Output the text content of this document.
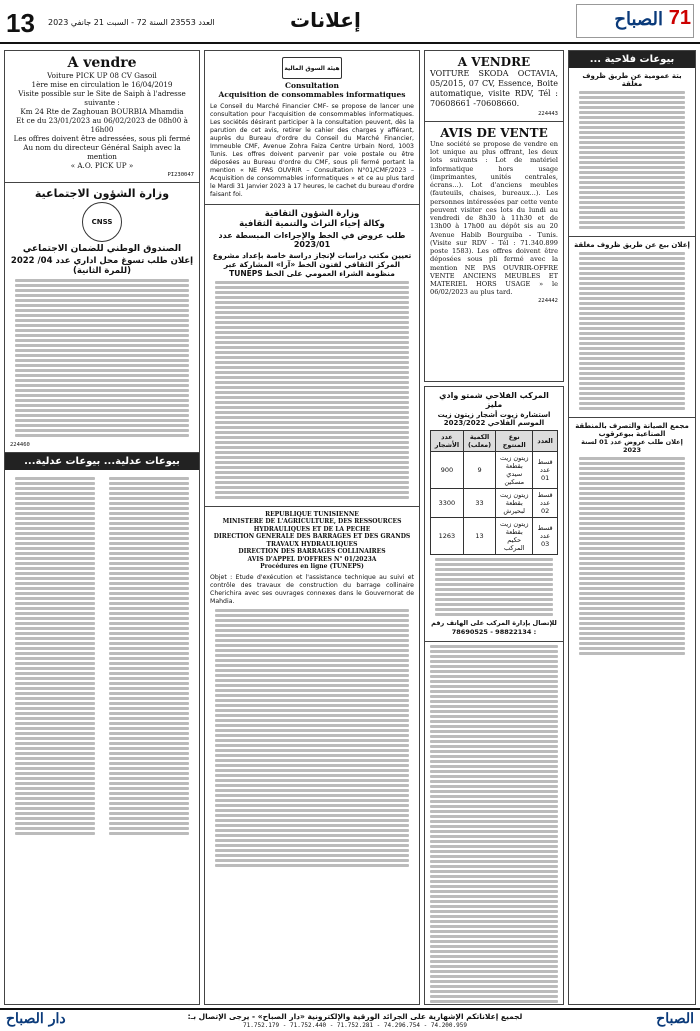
13 العدد 23553 السنة 72 - السبت 21 جانفي 2023	إعلانات	71
الصباح
A vendre
Voiture PICK UP 08 CV Gasoil
1ère mise en circulation le 16/04/2019
Visite possible sur le Site de Saiph à l'adresse suivante :
Km 24 Rte de Zaghouan BOURBIA Mhamdia
Et ce du 23/01/2023 au 06/02/2023 de 08h00 à 16h00
Les offres doivent être adressées, sous pli fermé
Au nom du directeur Général Saiph avec la mention
« A.O. PICK UP »
PI230047
وزارة الشؤون الاجتماعية
CNSS
الصندوق الوطني للضمان الاجتماعي
إعلان طلب تسوغ محل اداري عدد 04/ 2022 (للمرة الثانية)
224460
بيوعات عدلية... بيوعات عدلية...
هيئة السوق المالية
Consultation
Acquisition de consommables informatiques
Le Conseil du Marché Financier CMF- se propose de lancer une consultation pour l'acquisition de consommables informatiques. Les sociétés désirant participer à la consultation peuvent, dès la parution de cet avis, retirer le cahier des charges y afférant, auprès du Bureau d'ordre du Conseil du Marché Financier, Immeuble CMF, Avenue Zohra Faiza Centre Urbain Nord, 1003 Tunis. Les offres doivent parvenir par voie postale ou être déposées au Bureau d'ordre du CMF, sous pli fermé portant la mention « NE PAS OUVRIR – Consultation N°01/CMF/2023 – Acquisition de consommables informatiques » et ce au plus tard le Mardi 31 Janvier 2023 à 17 heures, le cachet du bureau d'ordre faisant foi.
وزارة الشؤون الثقافية
وكالة إحياء التراث والتنمية الثقافية
طلب عروض في الخط والإجراءات المبسطة عدد 2023/01
تعيين مكتب دراسات لإنجاز دراسة خاصة بإعداد مشروع المركز الثقافي لفنون الخط «آرا» المشاركة عبر منظومة الشراء العمومي على الخط TUNEPS
REPUBLIQUE TUNISIENNE
MINISTERE DE L'AGRICULTURE, DES RESSOURCES HYDRAULIQUES ET DE LA PECHE
DIRECTION GENERALE DES BARRAGES ET DES GRANDS TRAVAUX HYDRAULIQUES
DIRECTION DES BARRAGES COLLINAIRES
AVIS D'APPEL D'OFFRES N° 01/2023A
Procédures en ligne (TUNEPS)
Objet : Etude d'exécution et l'assistance technique au suivi et contrôle des travaux de construction du barrage collinaire Cherichira avec ses ouvrages connexes dans le Gouvernorat de Mahdia.
A VENDRE
VOITURE SKODA OCTAVIA, 05/2015, 07 CV, Essence, Boite automatique, visite RDV, Tél : 70608661 -70608660.
224443
AVIS DE VENTE
Une société se propose de vendre en lot unique au plus offrant, les deux lots suivants : Lot de matériel informatique hors usage (imprimantes, unités centrales, écrans...). Lot d'anciens meubles (fauteuils, chaises, bureaux...). Les personnes intéressées par cette vente peuvent visiter ces lots du lundi au vendredi de 8h30 à 11h30 et de 13h00 à 17h00 au dépôt sis au 20 Avenue Habib Bourguiba - Tunis. (Visite sur RDV - Tél : 71.340.899 poste 1583). Les offres doivent être déposées sous pli fermé avec la mention NE PAS OUVRIR-OFFRE VENTE ANCIENS MEUBLES ET MATERIEL HORS USAGE » le 06/02/2023 au plus tard.
224442
المركب الفلاحي شمتو وادي مليز
استشارة زيوت أشجار زيتون زيت الموسم الفلاحي 2023/2022
العدد	نوع المنتوج	الكمية (معلب)	عدد الأشجار
قسط عدد 01	زيتون زيت بقطعة سيدي مسكين	9	900
قسط عدد 02	زيتون زيت بقطعة لبحيرش	33	3300
قسط عدد 03	زيتون زيت بقطعة حكيم المركب	13	1263
للإتصال بإدارة المركب على الهاتف رقم : 98822134 - 78690525
بيوعات فلاحية ...
بتة عمومية عن طريق ظروف مغلقة
إعلان بيع عن طريق ظروف مغلقة
مجمع الصيانة والتصرف بالمنطقة الصناعية ببوعرقوب
إعلان طلب عروض عدد 01 لسنة 2023
دار الصباح	لجميع إعلاناتكم الإشهارية على الجرائد الورقية والإلكترونية «دار الصباح» - يرجى الإتصال بـ:
71.752.179 - 71.752.440 - 71.752.281 - 74.296.754 - 74.200.959	الصباح
